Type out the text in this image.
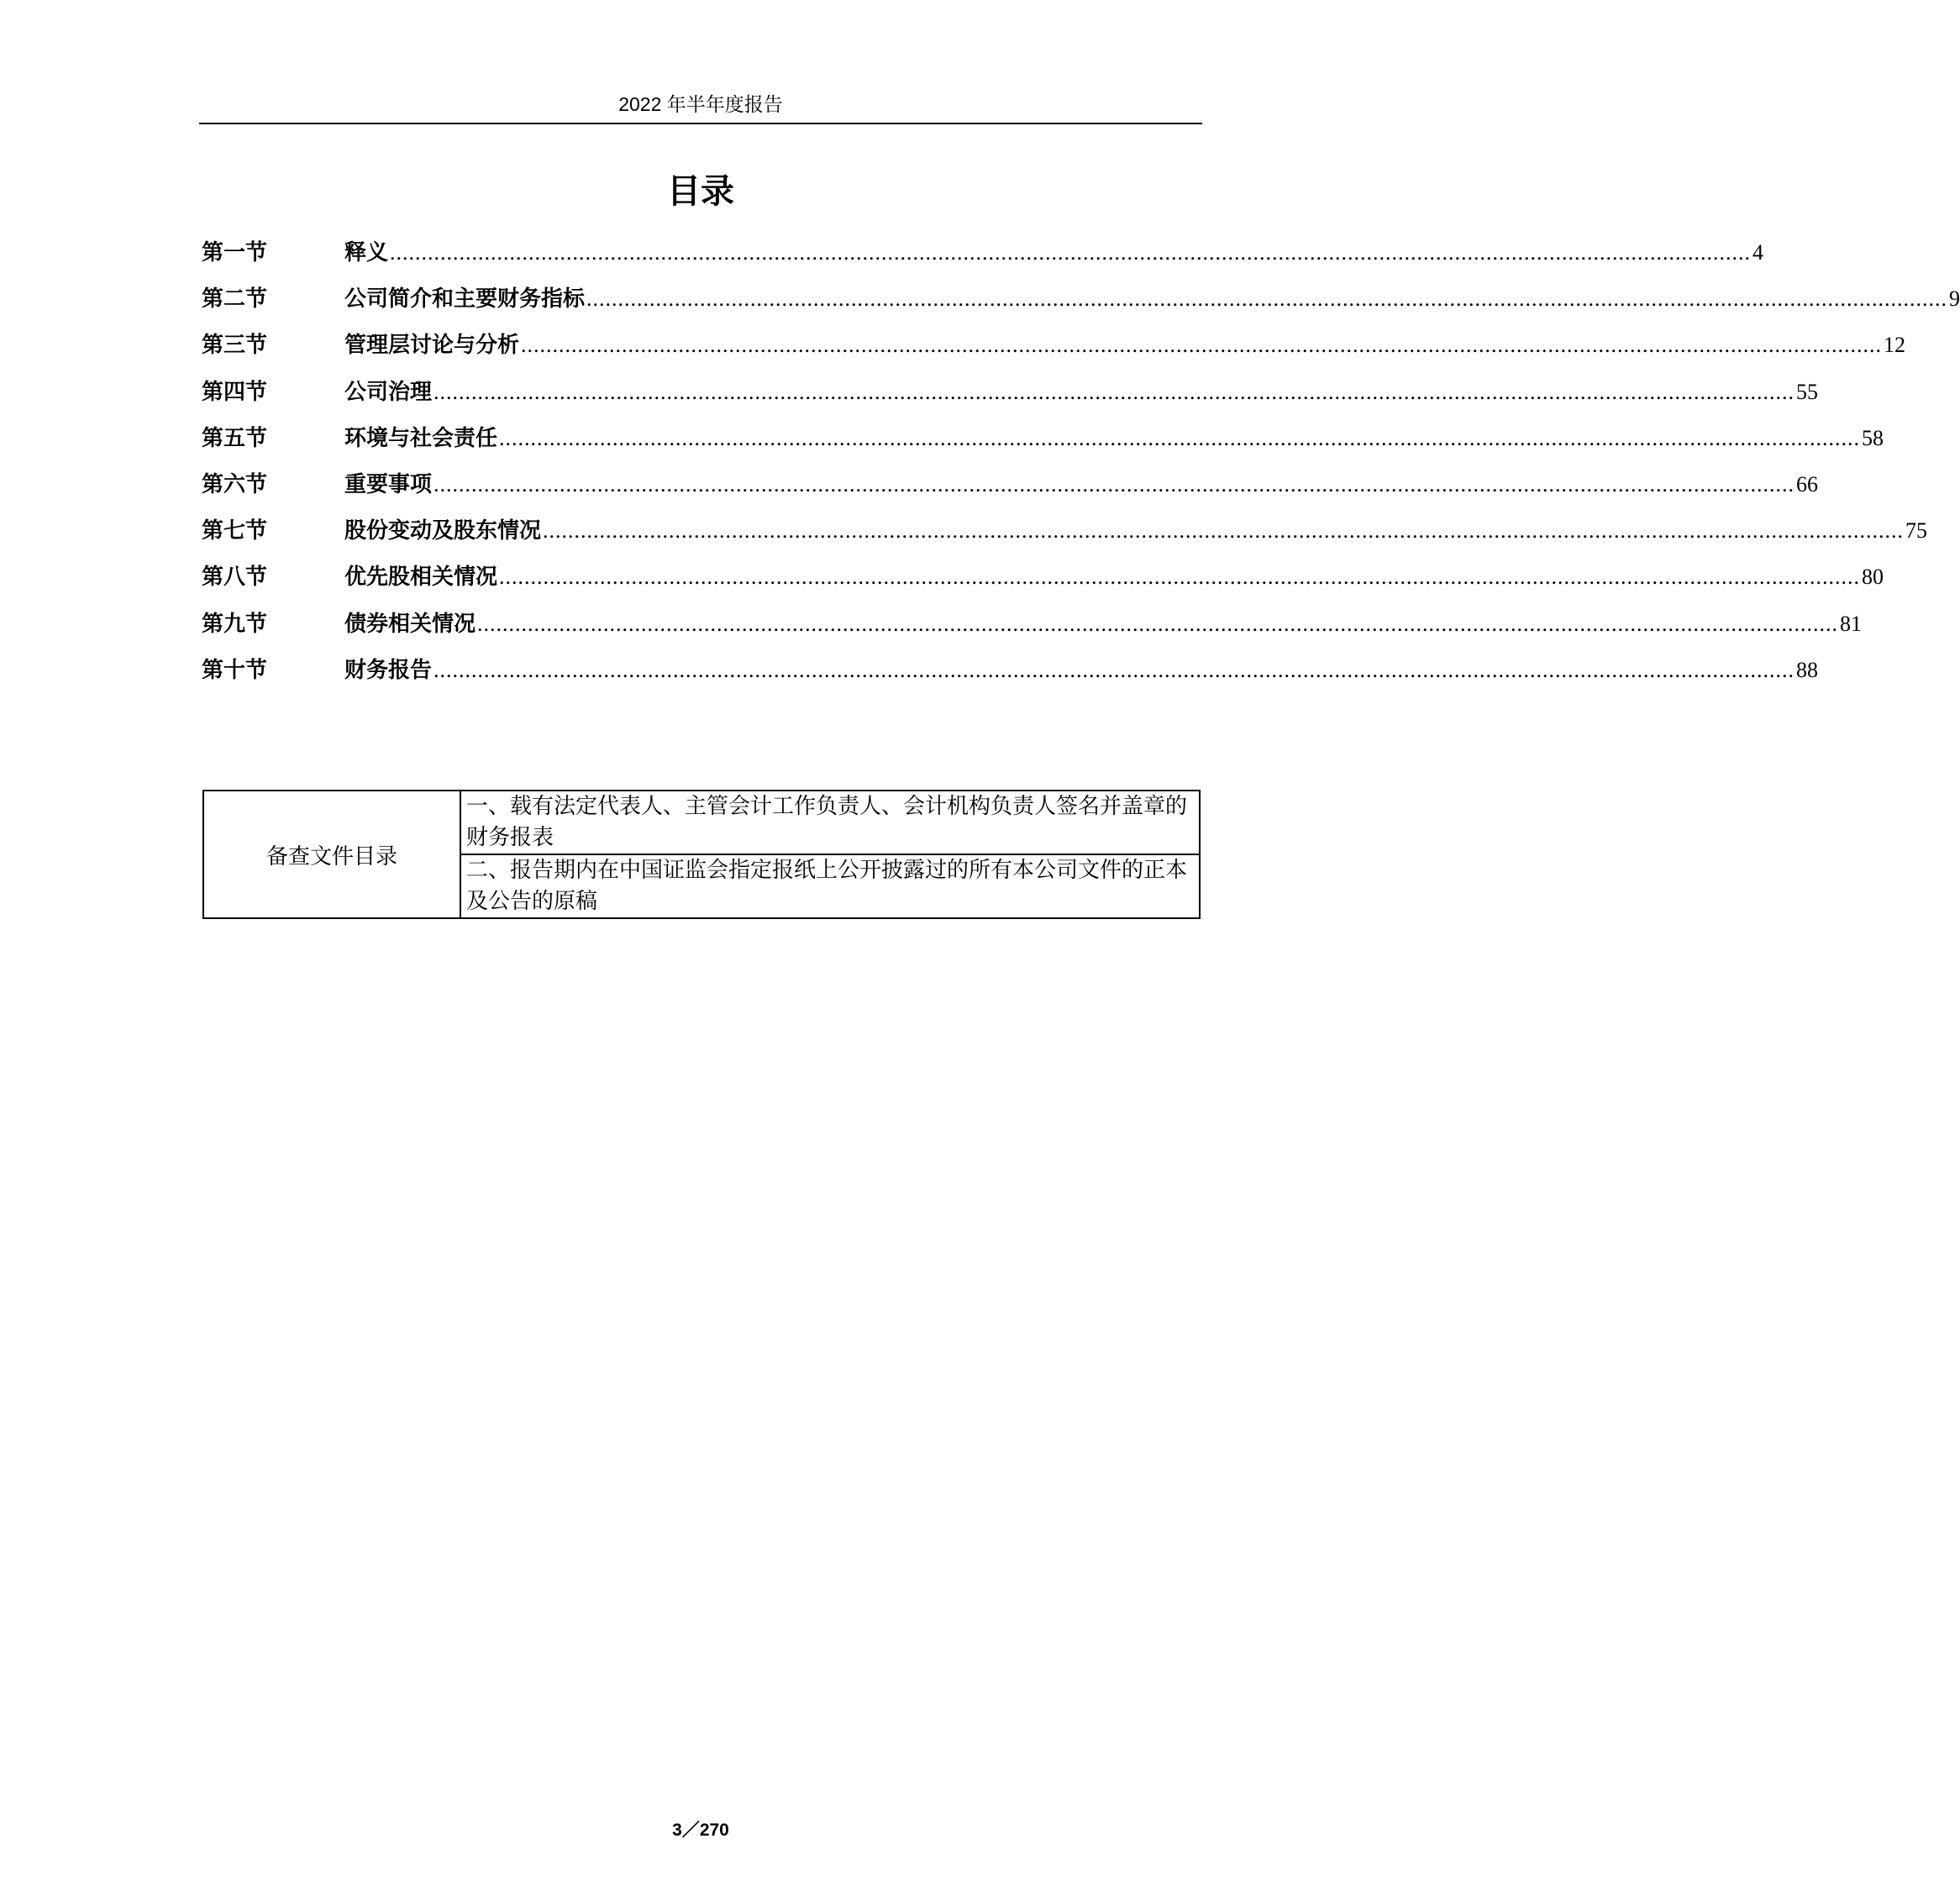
2022 年半年度报告
目录
第一节	释义 ........................................................................................................................................................................................................................ 4
第二节	公司简介和主要财务指标 ........................................................................................................................................................................................................................ 9
第三节	管理层讨论与分析 ........................................................................................................................................................................................................................ 12
第四节	公司治理 ........................................................................................................................................................................................................................ 55
第五节	环境与社会责任 ........................................................................................................................................................................................................................ 58
第六节	重要事项 ........................................................................................................................................................................................................................ 66
第七节	股份变动及股东情况 ........................................................................................................................................................................................................................ 75
第八节	优先股相关情况 ........................................................................................................................................................................................................................ 80
第九节	债券相关情况 ........................................................................................................................................................................................................................ 81
第十节	财务报告 ........................................................................................................................................................................................................................ 88
备查文件目录	一、载有法定代表人、主管会计工作负责人、会计机构负责人签名并盖章的财务报表
二、报告期内在中国证监会指定报纸上公开披露过的所有本公司文件的正本及公告的原稿
3／270
